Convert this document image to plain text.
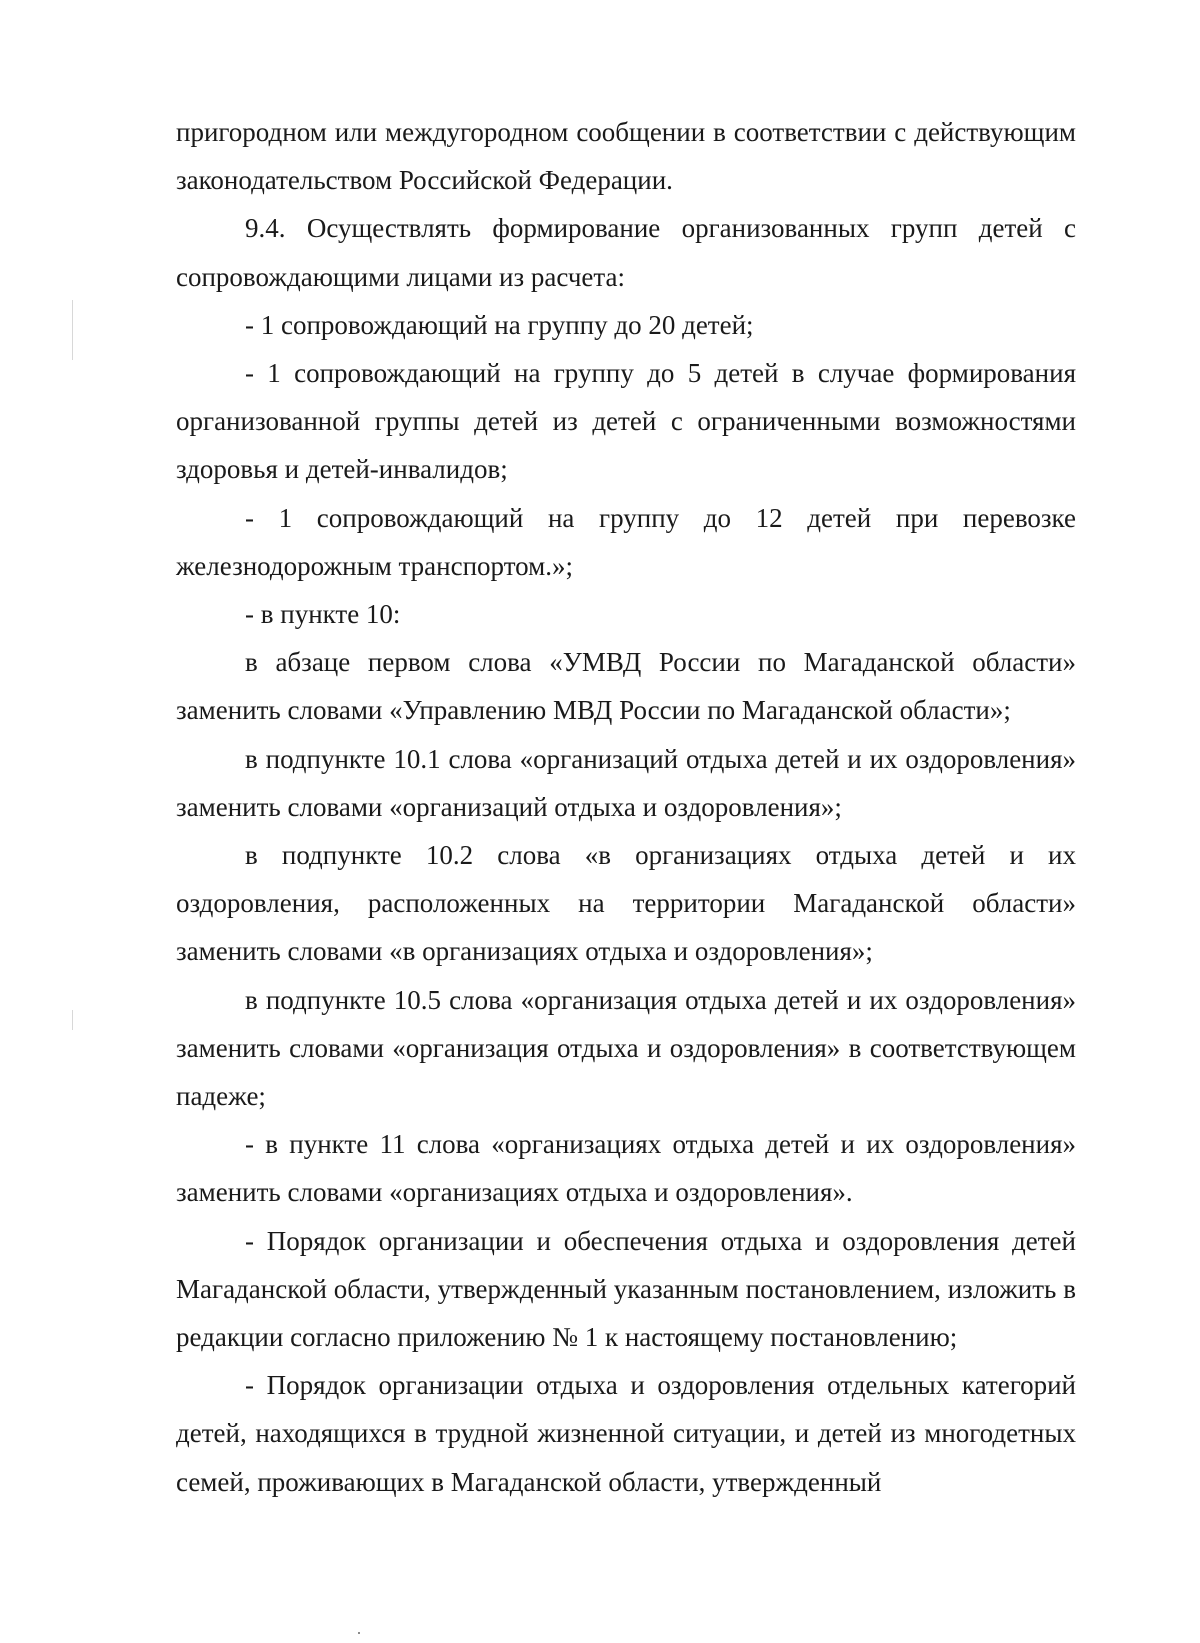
пригородном или междугородном сообщении в соответствии с действующим законодательством Российской Федерации.

9.4. Осуществлять формирование организованных групп детей с сопровождающими лицами из расчета:

- 1 сопровождающий на группу до 20 детей;

- 1 сопровождающий на группу до 5 детей в случае формирования организованной группы детей из детей с ограниченными возможностями здоровья и детей-инвалидов;

- 1 сопровождающий на группу до 12 детей при перевозке железнодорожным транспортом.»;

- в пункте 10:

в абзаце первом слова «УМВД России по Магаданской области» заменить словами «Управлению МВД России по Магаданской области»;

в подпункте 10.1 слова «организаций отдыха детей и их оздоровления» заменить словами «организаций отдыха и оздоровления»;

в подпункте 10.2 слова «в организациях отдыха детей и их оздоровления, расположенных на территории Магаданской области» заменить словами «в организациях отдыха и оздоровления»;

в подпункте 10.5 слова «организация отдыха детей и их оздоровления» заменить словами «организация отдыха и оздоровления» в соответствующем падеже;

- в пункте 11 слова «организациях отдыха детей и их оздоровления» заменить словами «организациях отдыха и оздоровления».

- Порядок организации и обеспечения отдыха и оздоровления детей Магаданской области, утвержденный указанным постановлением, изложить в редакции согласно приложению № 1 к настоящему постановлению;

- Порядок организации отдыха и оздоровления отдельных категорий детей, находящихся в трудной жизненной ситуации, и детей из многодетных семей, проживающих в Магаданской области, утвержденный
